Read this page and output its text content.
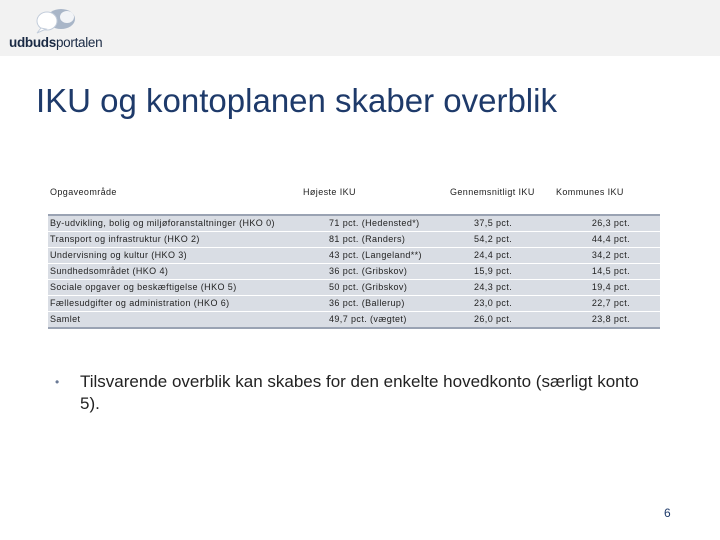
udbudsportalen
IKU og kontoplanen skaber overblik
Opgaveområde	Højeste IKU	Gennemsnitligt IKU	Kommunes IKU
By-udvikling, bolig og miljøforanstaltninger (HKO 0)	71 pct. (Hedensted*)	37,5 pct.	26,3 pct.
Transport og infrastruktur (HKO 2)	81 pct. (Randers)	54,2 pct.	44,4 pct.
Undervisning og kultur (HKO 3)	43 pct. (Langeland**)	24,4 pct.	34,2 pct.
Sundhedsområdet (HKO 4)	36 pct. (Gribskov)	15,9 pct.	14,5 pct.
Sociale opgaver og beskæftigelse (HKO 5)	50 pct. (Gribskov)	24,3 pct.	19,4 pct.
Fællesudgifter og administration (HKO 6)	36 pct. (Ballerup)	23,0 pct.	22,7 pct.
Samlet	49,7 pct. (vægtet)	26,0 pct.	23,8 pct.
• Tilsvarende overblik kan skabes for den enkelte hovedkonto (særligt konto 5).
6
